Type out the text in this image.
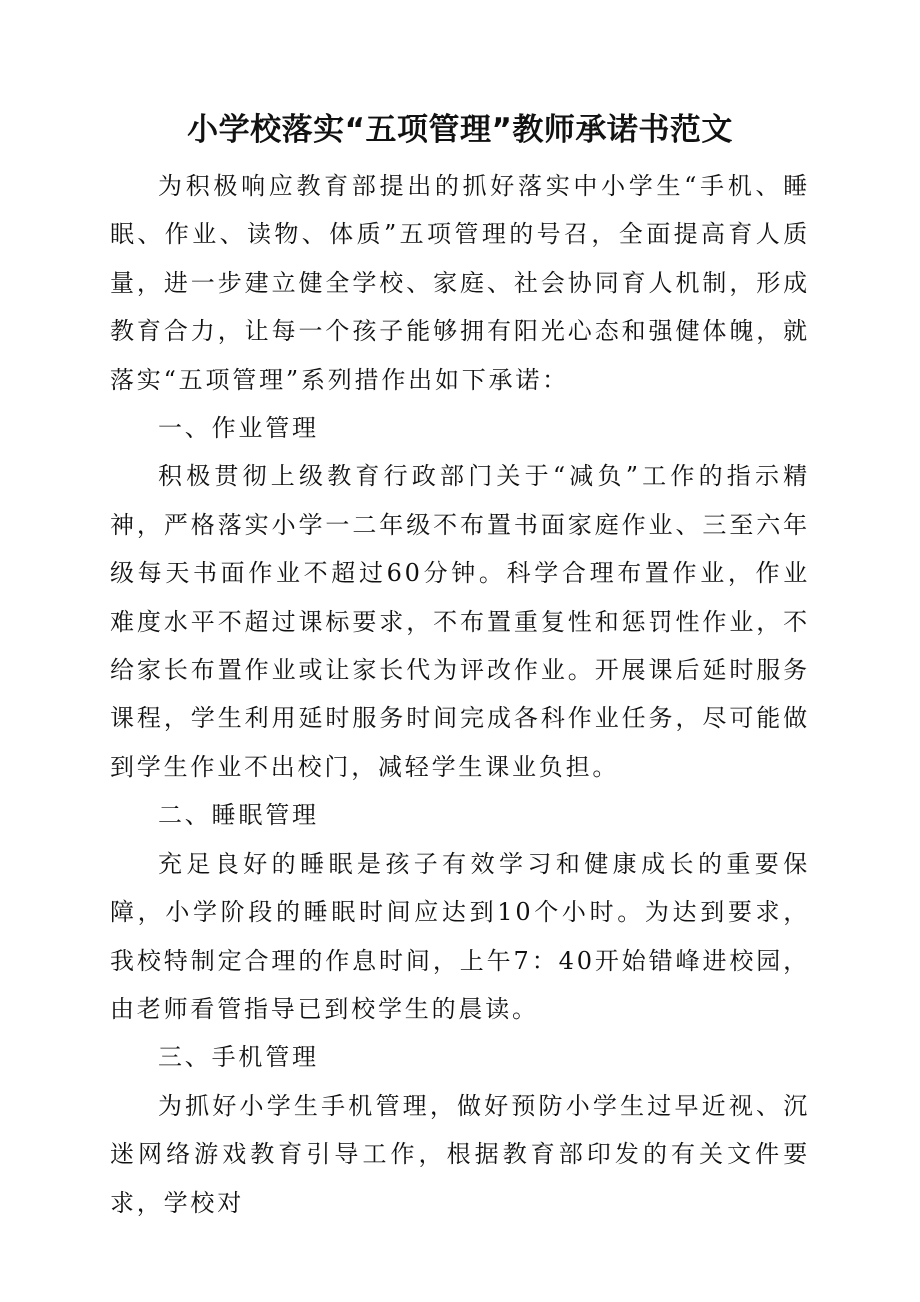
小学校落实“五项管理”教师承诺书范文

为积极响应教育部提出的抓好落实中小学生“手机、睡眠、作业、读物、体质”五项管理的号召，全面提高育人质量，进一步建立健全学校、家庭、社会协同育人机制，形成教育合力，让每一个孩子能够拥有阳光心态和强健体魄，就落实“五项管理”系列措作出如下承诺：

一、作业管理

积极贯彻上级教育行政部门关于“减负”工作的指示精神，严格落实小学一二年级不布置书面家庭作业、三至六年级每天书面作业不超过60分钟。科学合理布置作业，作业难度水平不超过课标要求，不布置重复性和惩罚性作业，不给家长布置作业或让家长代为评改作业。开展课后延时服务课程，学生利用延时服务时间完成各科作业任务，尽可能做到学生作业不出校门，减轻学生课业负担。

二、睡眠管理

充足良好的睡眠是孩子有效学习和健康成长的重要保障，小学阶段的睡眠时间应达到10个小时。为达到要求，我校特制定合理的作息时间，上午7：40开始错峰进校园，由老师看管指导已到校学生的晨读。

三、手机管理

为抓好小学生手机管理，做好预防小学生过早近视、沉迷网络游戏教育引导工作，根据教育部印发的有关文件要求，学校对
